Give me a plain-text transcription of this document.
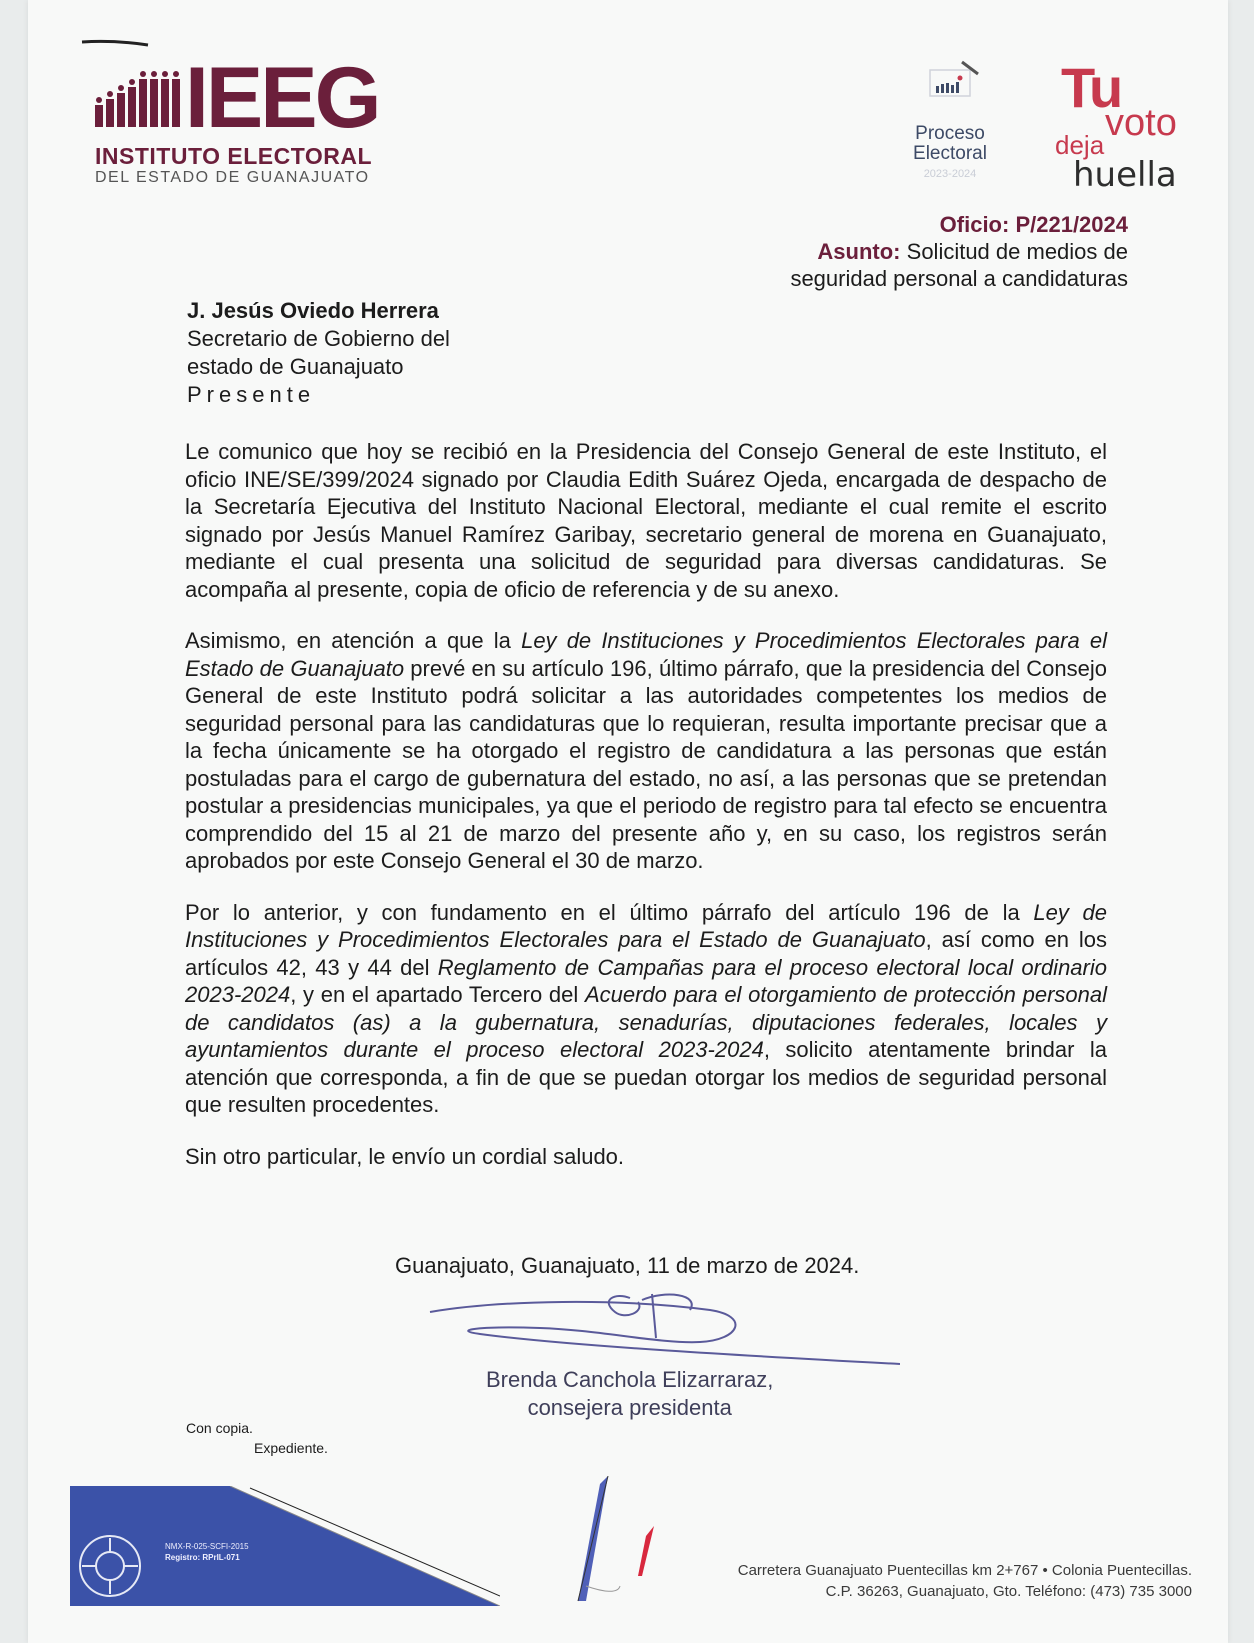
IEEG
INSTITUTO ELECTORAL
DEL ESTADO DE GUANAJUATO
Proceso
Electoral
2023-2024
Tu
voto
deja
huella
Oficio: P/221/2024
Asunto: Solicitud de medios de
seguridad personal a candidaturas
J. Jesús Oviedo Herrera
Secretario de Gobierno del
estado de Guanajuato
Presente

Le comunico que hoy se recibió en la Presidencia del Consejo General de este Instituto, el oficio INE/SE/399/2024 signado por Claudia Edith Suárez Ojeda, encargada de despacho de la Secretaría Ejecutiva del Instituto Nacional Electoral, mediante el cual remite el escrito signado por Jesús Manuel Ramírez Garibay, secretario general de morena en Guanajuato, mediante el cual presenta una solicitud de seguridad para diversas candidaturas. Se acompaña al presente, copia de oficio de referencia y de su anexo.

Asimismo, en atención a que la Ley de Instituciones y Procedimientos Electorales para el Estado de Guanajuato prevé en su artículo 196, último párrafo, que la presidencia del Consejo General de este Instituto podrá solicitar a las autoridades competentes los medios de seguridad personal para las candidaturas que lo requieran, resulta importante precisar que a la fecha únicamente se ha otorgado el registro de candidatura a las personas que están postuladas para el cargo de gubernatura del estado, no así, a las personas que se pretendan postular a presidencias municipales, ya que el periodo de registro para tal efecto se encuentra comprendido del 15 al 21 de marzo del presente año y, en su caso, los registros serán aprobados por este Consejo General el 30 de marzo.

Por lo anterior, y con fundamento en el último párrafo del artículo 196 de la Ley de Instituciones y Procedimientos Electorales para el Estado de Guanajuato, así como en los artículos 42, 43 y 44 del Reglamento de Campañas para el proceso electoral local ordinario 2023-2024, y en el apartado Tercero del Acuerdo para el otorgamiento de protección personal de candidatos (as) a la gubernatura, senadurías, diputaciones federales, locales y ayuntamientos durante el proceso electoral 2023-2024, solicito atentamente brindar la atención que corresponda, a fin de que se puedan otorgar los medios de seguridad personal que resulten procedentes.

Sin otro particular, le envío un cordial saludo.

Guanajuato, Guanajuato, 11 de marzo de 2024.
Brenda Canchola Elizarraraz,
consejera presidenta
Con copia.
Expediente.
NMX-R-025-SCFI-2015
Registro: RPrIL-071
Carretera Guanajuato Puentecillas km 2+767 • Colonia Puentecillas.
C.P. 36263, Guanajuato, Gto. Teléfono: (473) 735 3000
